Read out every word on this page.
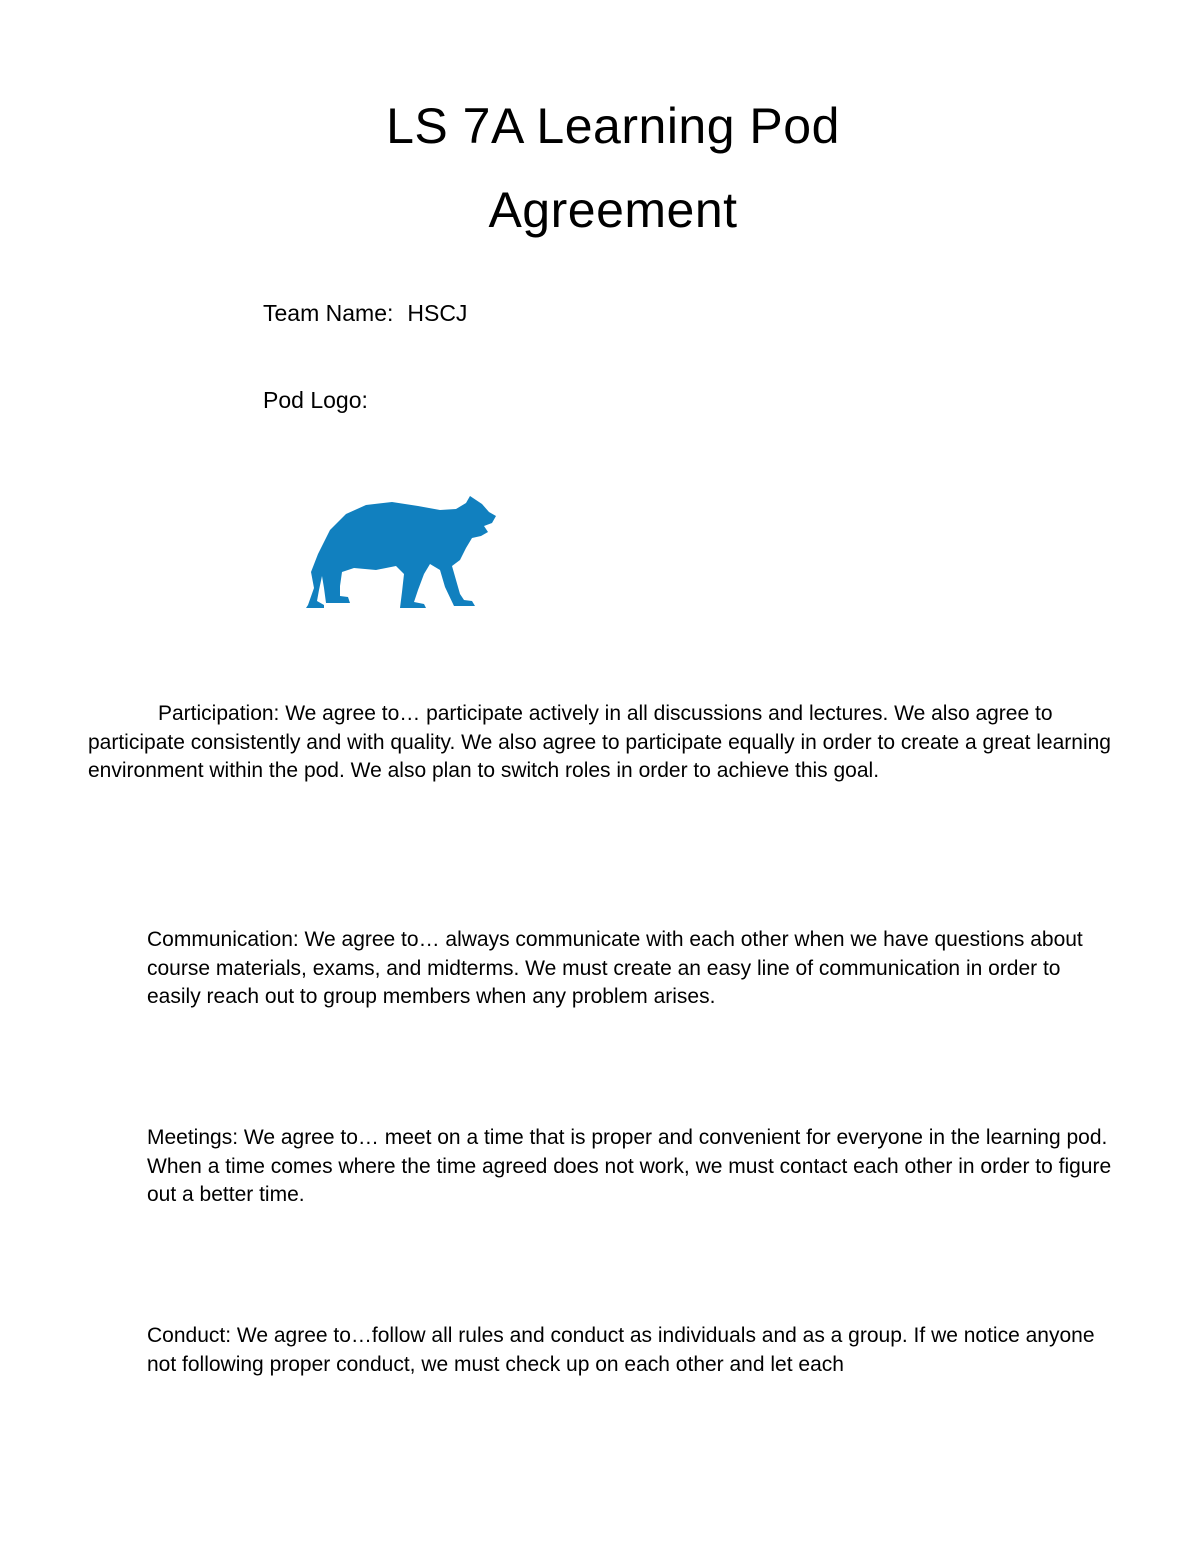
LS 7A Learning Pod
Agreement
Team Name: HSCJ
Pod Logo:

Participation: We agree to… participate actively in all discussions and lectures. We also agree to participate consistently and with quality. We also agree to participate equally in order to create a great learning environment within the pod. We also plan to switch roles in order to achieve this goal.

Communication: We agree to… always communicate with each other when we have questions about course materials, exams, and midterms. We must create an easy line of communication in order to easily reach out to group members when any problem arises.

Meetings: We agree to… meet on a time that is proper and convenient for everyone in the learning pod. When a time comes where the time agreed does not work, we must contact each other in order to figure out a better time.

Conduct: We agree to…follow all rules and conduct as individuals and as a group. If we notice anyone not following proper conduct, we must check up on each other and let each
